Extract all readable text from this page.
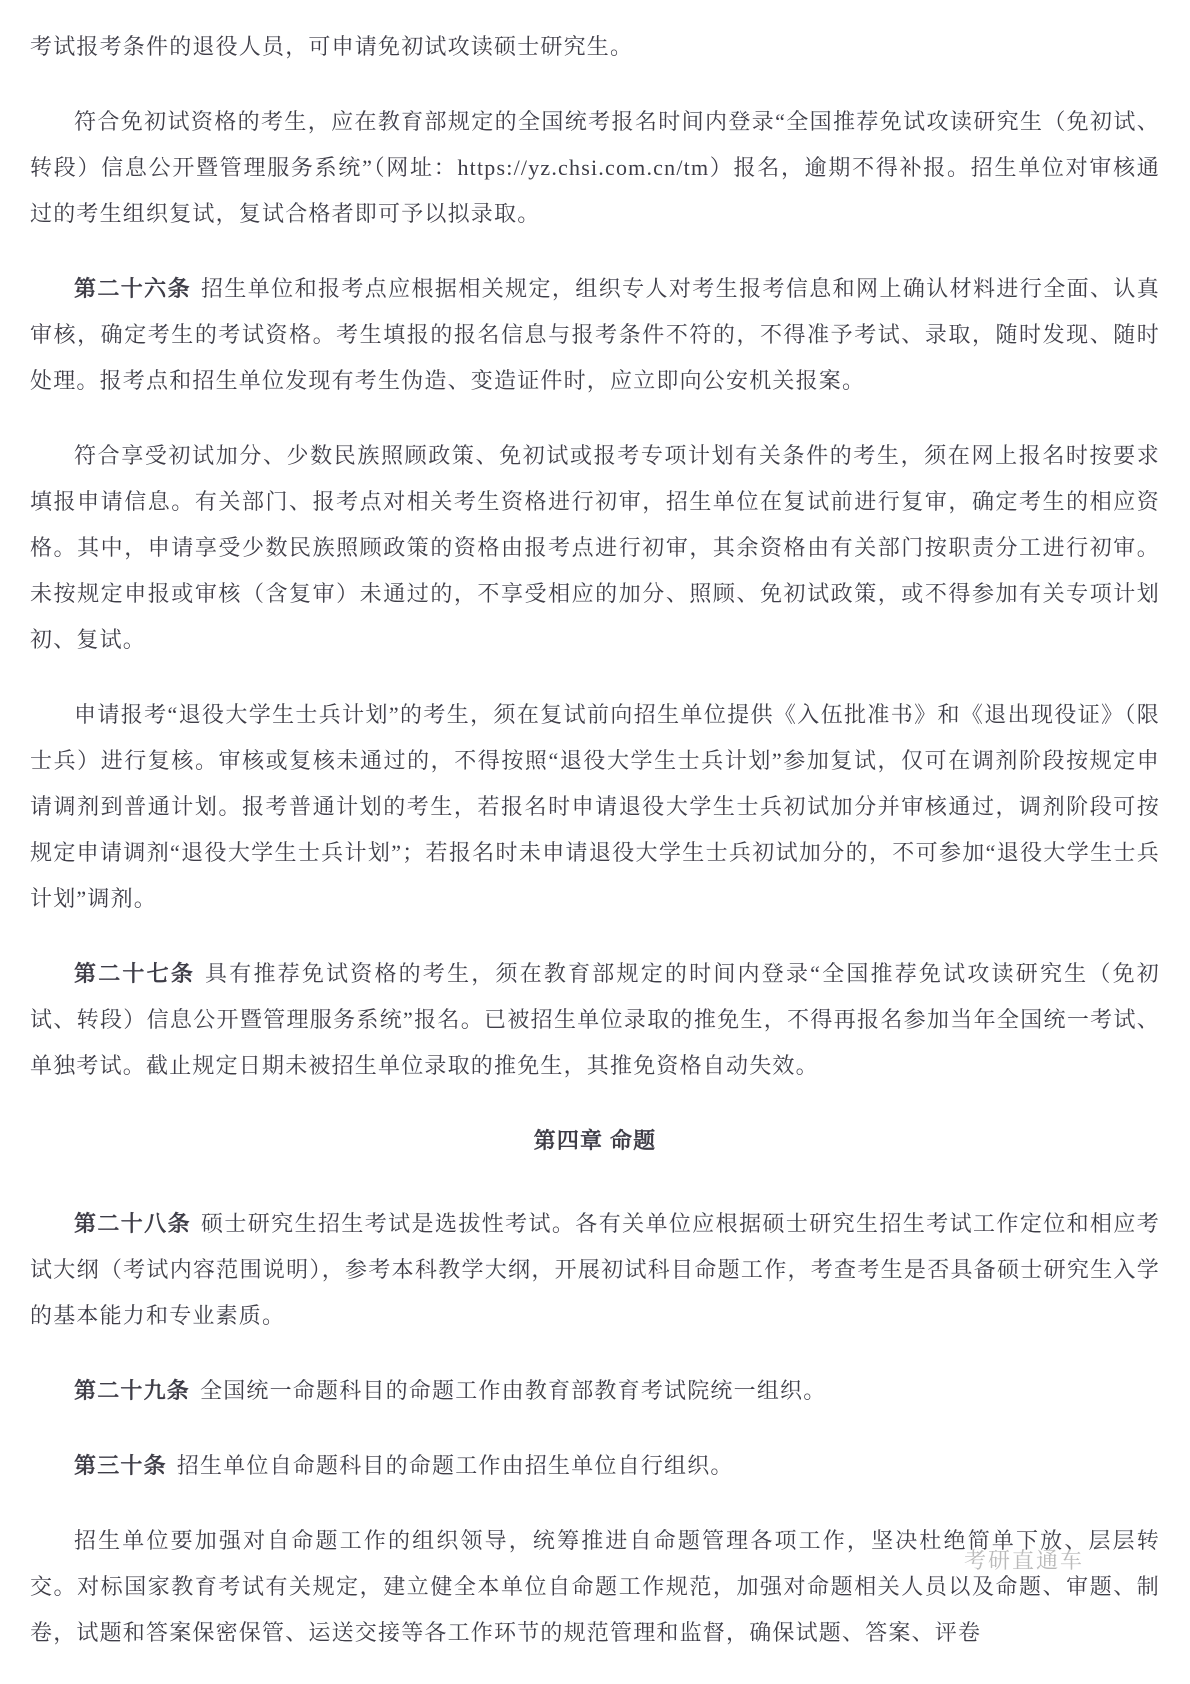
考试报考条件的退役人员，可申请免初试攻读硕士研究生。

符合免初试资格的考生，应在教育部规定的全国统考报名时间内登录“全国推荐免试攻读研究生（免初试、转段）信息公开暨管理服务系统”（网址：https://yz.chsi.com.cn/tm）报名，逾期不得补报。招生单位对审核通过的考生组织复试，复试合格者即可予以拟录取。

第二十六条 招生单位和报考点应根据相关规定，组织专人对考生报考信息和网上确认材料进行全面、认真审核，确定考生的考试资格。考生填报的报名信息与报考条件不符的，不得准予考试、录取，随时发现、随时处理。报考点和招生单位发现有考生伪造、变造证件时，应立即向公安机关报案。

符合享受初试加分、少数民族照顾政策、免初试或报考专项计划有关条件的考生，须在网上报名时按要求填报申请信息。有关部门、报考点对相关考生资格进行初审，招生单位在复试前进行复审，确定考生的相应资格。其中，申请享受少数民族照顾政策的资格由报考点进行初审，其余资格由有关部门按职责分工进行初审。未按规定申报或审核（含复审）未通过的，不享受相应的加分、照顾、免初试政策，或不得参加有关专项计划初、复试。

申请报考“退役大学生士兵计划”的考生，须在复试前向招生单位提供《入伍批准书》和《退出现役证》（限士兵）进行复核。审核或复核未通过的，不得按照“退役大学生士兵计划”参加复试，仅可在调剂阶段按规定申请调剂到普通计划。报考普通计划的考生，若报名时申请退役大学生士兵初试加分并审核通过，调剂阶段可按规定申请调剂“退役大学生士兵计划”；若报名时未申请退役大学生士兵初试加分的，不可参加“退役大学生士兵计划”调剂。

第二十七条 具有推荐免试资格的考生，须在教育部规定的时间内登录“全国推荐免试攻读研究生（免初试、转段）信息公开暨管理服务系统”报名。已被招生单位录取的推免生，不得再报名参加当年全国统一考试、单独考试。截止规定日期未被招生单位录取的推免生，其推免资格自动失效。

第四章 命题

第二十八条 硕士研究生招生考试是选拔性考试。各有关单位应根据硕士研究生招生考试工作定位和相应考试大纲（考试内容范围说明），参考本科教学大纲，开展初试科目命题工作，考查考生是否具备硕士研究生入学的基本能力和专业素质。

第二十九条 全国统一命题科目的命题工作由教育部教育考试院统一组织。

第三十条 招生单位自命题科目的命题工作由招生单位自行组织。

招生单位要加强对自命题工作的组织领导，统筹推进自命题管理各项工作，坚决杜绝简单下放、层层转交。对标国家教育考试有关规定，建立健全本单位自命题工作规范，加强对命题相关人员以及命题、审题、制卷，试题和答案保密保管、运送交接等各工作环节的规范管理和监督，确保试题、答案、评卷

考研直通车
